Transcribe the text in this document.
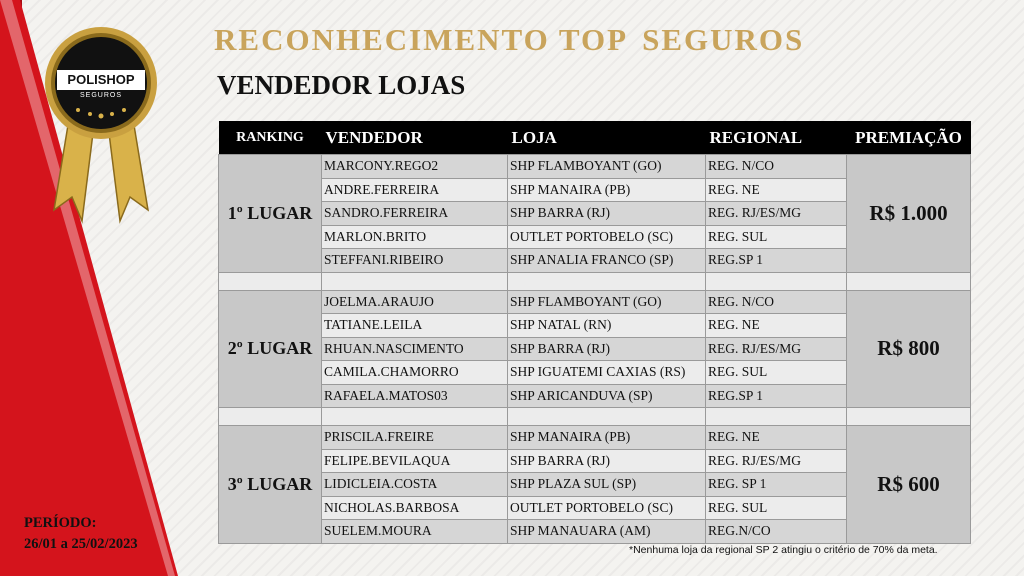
POLISHOP
SEGUROS
RECONHECIMENTO TOP SEGUROS
VENDEDOR LOJAS
RANKING	VENDEDOR	LOJA	REGIONAL	PREMIAÇÃO
1º LUGAR	MARCONY.REGO2	SHP FLAMBOYANT (GO)	REG. N/CO	R$ 1.000
	ANDRE.FERREIRA	SHP MANAIRA (PB)	REG. NE	
	SANDRO.FERREIRA	SHP BARRA (RJ)	REG. RJ/ES/MG	
	MARLON.BRITO	OUTLET PORTOBELO (SC)	REG. SUL	
	STEFFANI.RIBEIRO	SHP ANALIA FRANCO (SP)	REG.SP 1	

2º LUGAR	JOELMA.ARAUJO	SHP FLAMBOYANT (GO)	REG. N/CO	R$ 800
	TATIANE.LEILA	SHP NATAL (RN)	REG. NE	
	RHUAN.NASCIMENTO	SHP BARRA (RJ)	REG. RJ/ES/MG	
	CAMILA.CHAMORRO	SHP IGUATEMI CAXIAS (RS)	REG. SUL	
	RAFAELA.MATOS03	SHP ARICANDUVA (SP)	REG.SP 1	

3º LUGAR	PRISCILA.FREIRE	SHP MANAIRA (PB)	REG. NE	R$ 600
	FELIPE.BEVILAQUA	SHP BARRA (RJ)	REG. RJ/ES/MG	
	LIDICLEIA.COSTA	SHP PLAZA SUL (SP)	REG. SP 1	
	NICHOLAS.BARBOSA	OUTLET PORTOBELO (SC)	REG. SUL	
	SUELEM.MOURA	SHP MANAUARA (AM)	REG.N/CO	
PERÍODO:
26/01 a 25/02/2023	*Nenhuma loja da regional SP 2 atingiu o critério de 70% da meta.
